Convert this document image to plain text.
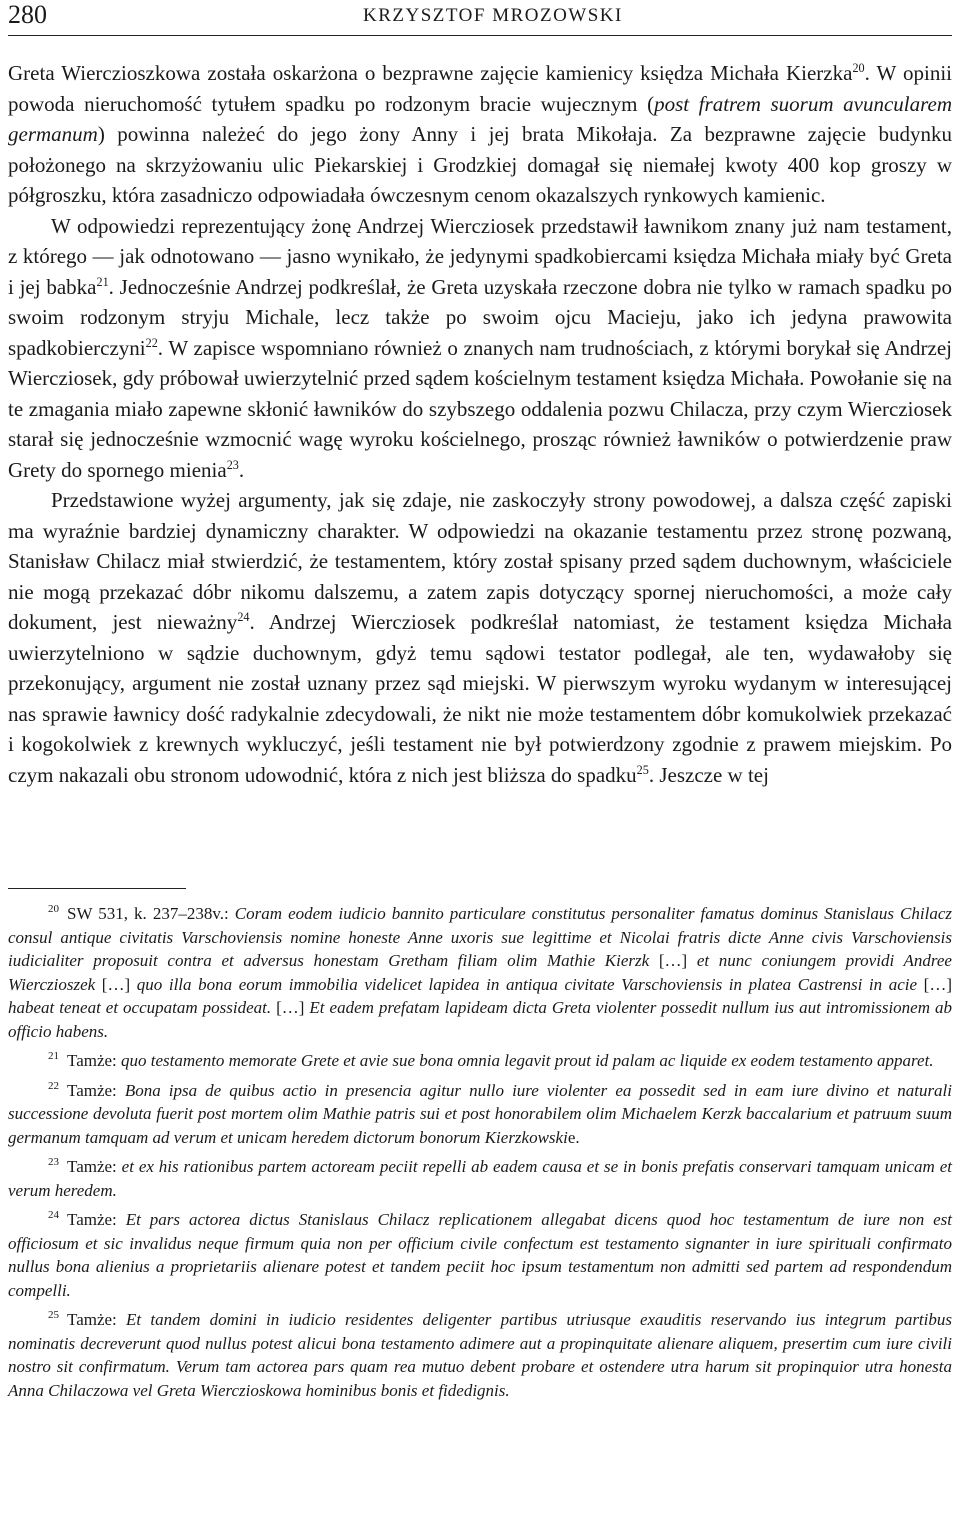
280	KRZYSZTOF MROZOWSKI

Greta Wierczioszkowa została oskarżona o bezprawne zajęcie kamienicy księdza Michała Kierzka$^{20}$. W opinii powoda nieruchomość tytułem spadku po rodzonym bracie wujecznym (post fratrem suorum avuncularem germanum) powinna należeć do jego żony Anny i jej brata Mikołaja. Za bezprawne zajęcie budynku położonego na skrzyżowaniu ulic Piekarskiej i Grodzkiej domagał się niemałej kwoty 400 kop groszy w półgroszku, która zasadniczo odpowiadała ówczesnym cenom okazalszych rynkowych kamienic.

W odpowiedzi reprezentujący żonę Andrzej Wiercziosek przedstawił ławnikom znany już nam testament, z którego — jak odnotowano — jasno wynikało, że jedynymi spadkobiercami księdza Michała miały być Greta i jej babka$^{21}$. Jednocześnie Andrzej podkreślał, że Greta uzyskała rzeczone dobra nie tylko w ramach spadku po swoim rodzonym stryju Michale, lecz także po swoim ojcu Macieju, jako ich jedyna prawowita spadkobierczyni$^{22}$. W zapisce wspomniano również o znanych nam trudnościach, z którymi borykał się Andrzej Wiercziosek, gdy próbował uwierzytelnić przed sądem kościelnym testament księdza Michała. Powołanie się na te zmagania miało zapewne skłonić ławników do szybszego oddalenia pozwu Chilacza, przy czym Wiercziosek starał się jednocześnie wzmocnić wagę wyroku kościelnego, prosząc również ławników o potwierdzenie praw Grety do spornego mienia$^{23}$.

Przedstawione wyżej argumenty, jak się zdaje, nie zaskoczyły strony powodowej, a dalsza część zapiski ma wyraźnie bardziej dynamiczny charakter. W odpowiedzi na okazanie testamentu przez stronę pozwaną, Stanisław Chilacz miał stwierdzić, że testamentem, który został spisany przed sądem duchownym, właściciele nie mogą przekazać dóbr nikomu dalszemu, a zatem zapis dotyczący spornej nieruchomości, a może cały dokument, jest nieważny$^{24}$. Andrzej Wiercziosek podkreślał natomiast, że testament księdza Michała uwierzytelniono w sądzie duchownym, gdyż temu sądowi testator podlegał, ale ten, wydawałoby się przekonujący, argument nie został uznany przez sąd miejski. W pierwszym wyroku wydanym w interesującej nas sprawie ławnicy dość radykalnie zdecydowali, że nikt nie może testamentem dóbr komukolwiek przekazać i kogokolwiek z krewnych wykluczyć, jeśli testament nie był potwierdzony zgodnie z prawem miejskim. Po czym nakazali obu stronom udowodnić, która z nich jest bliższa do spadku$^{25}$. Jeszcze w tej

$^{20}$ SW 531, k. 237–238v.: Coram eodem iudicio bannito particulare constitutus personaliter famatus dominus Stanislaus Chilacz consul antique civitatis Varschoviensis nomine honeste Anne uxoris sue legittime et Nicolai fratris dicte Anne civis Varschoviensis iudicialiter proposuit contra et adversus honestam Gretham filiam olim Mathie Kierzk […] et nunc coniungem providi Andree Wierczioszek […] quo illa bona eorum immobilia videlicet lapidea in antiqua civitate Varschoviensis in platea Castrensi in acie […] habeat teneat et occupatam possideat. […] Et eadem prefatam lapideam dicta Greta violenter possedit nullum ius aut intromissionem ab officio habens.

$^{21}$ Tamże: quo testamento memorate Grete et avie sue bona omnia legavit prout id palam ac liquide ex eodem testamento apparet.

$^{22}$ Tamże: Bona ipsa de quibus actio in presencia agitur nullo iure violenter ea possedit sed in eam iure divino et naturali successione devoluta fuerit post mortem olim Mathie patris sui et post honorabilem olim Michaelem Kerzk baccalarium et patruum suum germanum tamquam ad verum et unicam heredem dictorum bonorum Kierzkowskie.

$^{23}$ Tamże: et ex his rationibus partem actoream peciit repelli ab eadem causa et se in bonis prefatis conservari tamquam unicam et verum heredem.

$^{24}$ Tamże: Et pars actorea dictus Stanislaus Chilacz replicationem allegabat dicens quod hoc testamentum de iure non est officiosum et sic invalidus neque firmum quia non per officium civile confectum est testamento signanter in iure spirituali confirmato nullus bona alienius a proprietariis alienare potest et tandem peciit hoc ipsum testamentum non admitti sed partem ad respondendum compelli.

$^{25}$ Tamże: Et tandem domini in iudicio residentes deligenter partibus utriusque exauditis reservando ius integrum partibus nominatis decreverunt quod nullus potest alicui bona testamento adimere aut a propinquitate alienare aliquem, presertim cum iure civili nostro sit confirmatum. Verum tam actorea pars quam rea mutuo debent probare et ostendere utra harum sit propinquior utra honesta Anna Chilaczowa vel Greta Wierczioskowa hominibus bonis et fidedignis.
